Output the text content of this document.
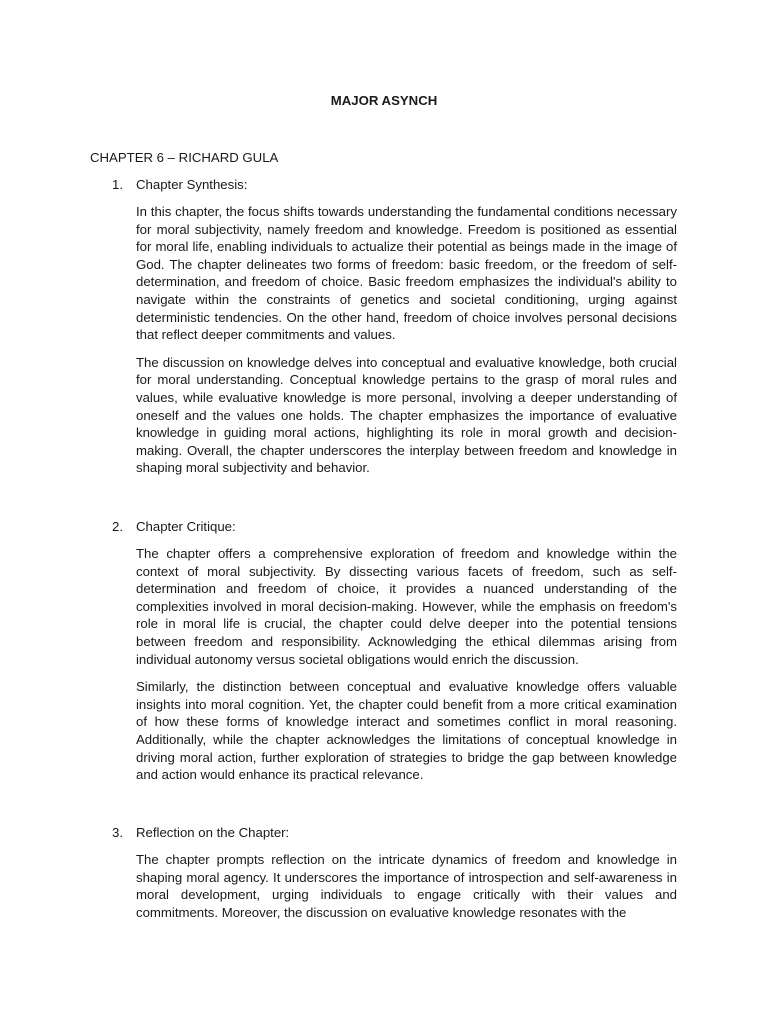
MAJOR ASYNCH
CHAPTER 6 – RICHARD GULA
1. Chapter Synthesis:

In this chapter, the focus shifts towards understanding the fundamental conditions necessary for moral subjectivity, namely freedom and knowledge. Freedom is positioned as essential for moral life, enabling individuals to actualize their potential as beings made in the image of God. The chapter delineates two forms of freedom: basic freedom, or the freedom of self-determination, and freedom of choice. Basic freedom emphasizes the individual's ability to navigate within the constraints of genetics and societal conditioning, urging against deterministic tendencies. On the other hand, freedom of choice involves personal decisions that reflect deeper commitments and values.

The discussion on knowledge delves into conceptual and evaluative knowledge, both crucial for moral understanding. Conceptual knowledge pertains to the grasp of moral rules and values, while evaluative knowledge is more personal, involving a deeper understanding of oneself and the values one holds. The chapter emphasizes the importance of evaluative knowledge in guiding moral actions, highlighting its role in moral growth and decision-making. Overall, the chapter underscores the interplay between freedom and knowledge in shaping moral subjectivity and behavior.

2. Chapter Critique:

The chapter offers a comprehensive exploration of freedom and knowledge within the context of moral subjectivity. By dissecting various facets of freedom, such as self-determination and freedom of choice, it provides a nuanced understanding of the complexities involved in moral decision-making. However, while the emphasis on freedom's role in moral life is crucial, the chapter could delve deeper into the potential tensions between freedom and responsibility. Acknowledging the ethical dilemmas arising from individual autonomy versus societal obligations would enrich the discussion.

Similarly, the distinction between conceptual and evaluative knowledge offers valuable insights into moral cognition. Yet, the chapter could benefit from a more critical examination of how these forms of knowledge interact and sometimes conflict in moral reasoning. Additionally, while the chapter acknowledges the limitations of conceptual knowledge in driving moral action, further exploration of strategies to bridge the gap between knowledge and action would enhance its practical relevance.

3. Reflection on the Chapter:

The chapter prompts reflection on the intricate dynamics of freedom and knowledge in shaping moral agency. It underscores the importance of introspection and self-awareness in moral development, urging individuals to engage critically with their values and commitments. Moreover, the discussion on evaluative knowledge resonates with the
